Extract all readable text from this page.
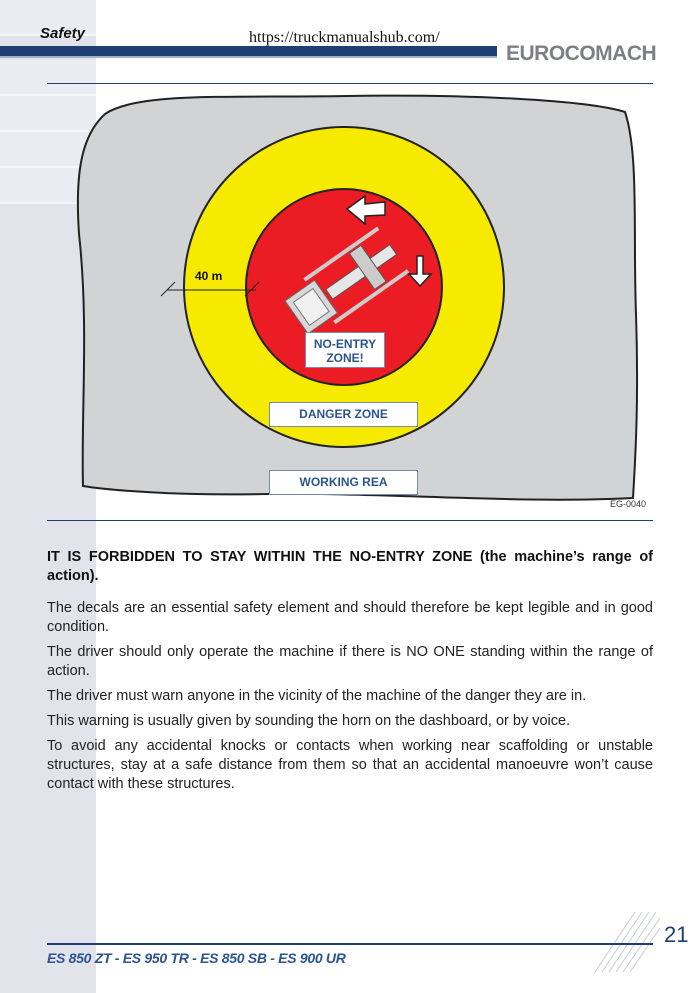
Safety	https://truckmanualshub.com/
EUROCOMACH
40 m
NO-ENTRY
ZONE!
DANGER ZONE
WORKING REA
EG-0040

IT IS FORBIDDEN TO STAY WITHIN THE NO-ENTRY ZONE (the machine’s range of action).

The decals are an essential safety element and should therefore be kept legible and in good condition.

The driver should only operate the machine if there is NO ONE standing within the range of action.

The driver must warn anyone in the vicinity of the machine of the danger they are in.

This warning is usually given by sounding the horn on the dashboard, or by voice.

To avoid any accidental knocks or contacts when working near scaffolding or unstable structures, stay at a safe distance from them so that an accidental manoeuvre won’t cause contact with these structures.

ES 850 ZT - ES 950 TR - ES 850 SB - ES 900 UR
21
